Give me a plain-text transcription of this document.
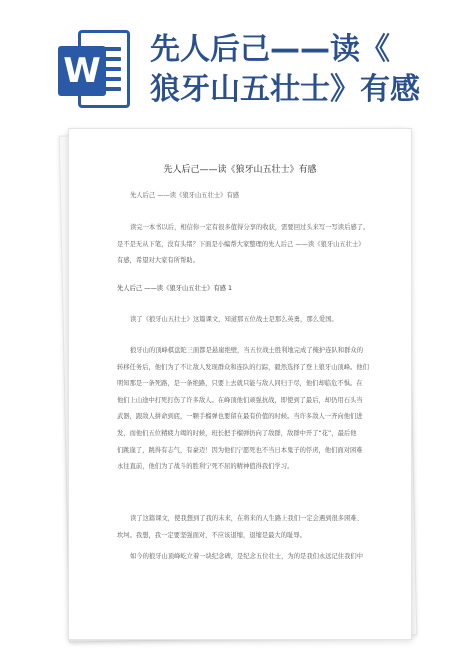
W
先人后己——读《
狼牙山五壮士》有感
先人后己——读《狼牙山五壮士》有感
先人后己 ——读《狼牙山五壮士》有感
读完一本书以后，相信你一定有很多值得分享的收获，需要回过头来写一写读后感了。
是不是无从下笔，没有头绪？下面是小编帮大家整理的先人后己 ——读《狼牙山五壮士》
有感，希望对大家有所帮助。
先人后己 ——读《狼牙山五壮士》有感 1
读了《狼牙山五壮士》这篇课文，知道那五位战士是那么英勇，那么爱国。
狼牙山的顶峰棋盘陀三面都是悬崖绝壁，当五位战士胜利地完成了掩护连队和群众的
转移任务后，他们为了不让敌人发现群众和连队的行踪，毅然选择了登上狼牙山顶峰。他们
明知那是一条死路，是一条绝路，只要上去就只能与敌人同归于尽，他们却临危不惧。在
他们上山途中打死打伤了许多敌人。在峰顶他们顽强抗战，即使到了最后，却仍用石头当
武器，跟敌人拼命到底，一颗手榴弹也要留在最有价值的时候。当许多敌人一齐向他们进
发，而他们五位精疲力竭的时候，班长把手榴弹扔向了敌群，敌群中开了“花”，最后他
们跳崖了，跳得有志气，有豪迈！因为他们宁愿死也不当日本鬼子的俘虏，他们面对困难
永往直前，他们为了战斗的胜利宁死不屈的精神值得我们学习。
读了这篇课文，使我想到了我的未来，在将来的人生路上我们一定会遇到很多困难、
坎坷。我想，我一定要坚强面对，不应该退缩，退缩是最大的耻辱。
如今的狼牙山顶峰屹立着一块纪念碑，是纪念五位壮士，为的是我们永远记住我们中
